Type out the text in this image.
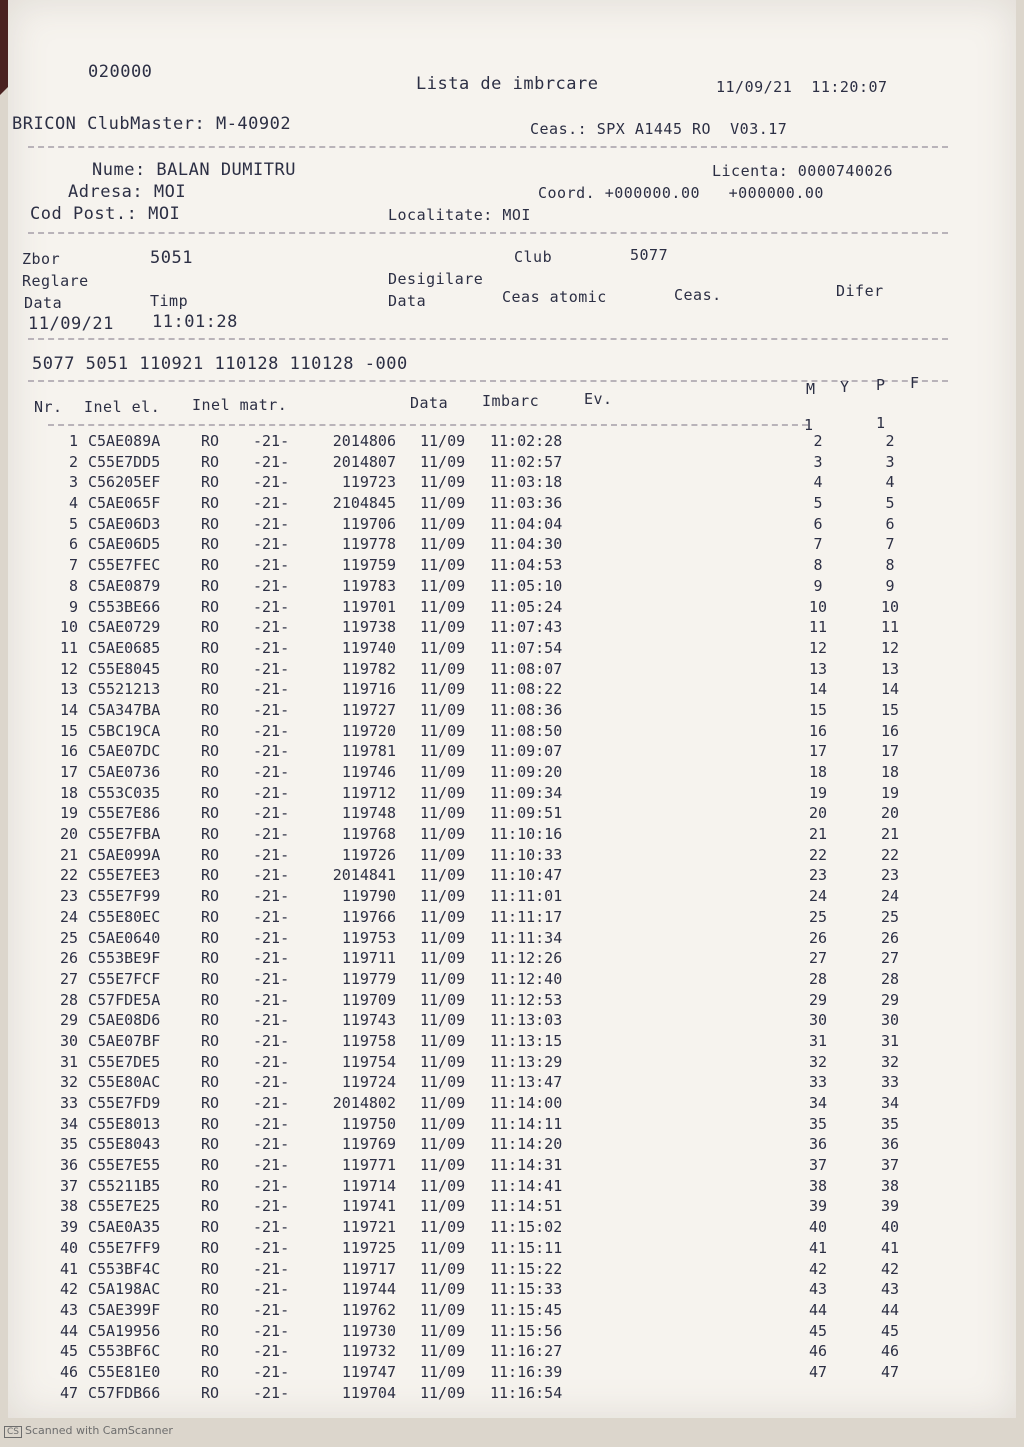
020000
Lista de imbrcare	11/09/21  11:20:07
BRICON ClubMaster: M-40902	Ceas.: SPX A1445 RO  V03.17
Nume: BALAN DUMITRU	Licenta: 0000740026
Adresa: MOI	Coord. +000000.00   +000000.00
Cod Post.: MOI	Localitate: MOI
Zbor	5051	Club	5077
Reglare	Desigilare
Data	Timp	Data	Ceas atomic	Ceas.	Difer
11/09/21 11:01:28
5077 5051 110921 110128 110128 -000
Nr. Inel el. Inel matr.	Data Imbarc	Ev.
M Y P F
1	1
1 C5AE089A	RO -21-	2014806 11/09 11:02:28	2	2
2 C55E7DD5	RO -21-	2014807 11/09 11:02:57	3	3
3 C56205EF	RO -21-	119723 11/09 11:03:18	4	4
4 C5AE065F	RO -21-	2104845 11/09 11:03:36	5	5
5 C5AE06D3	RO -21-	119706 11/09 11:04:04	6	6
6 C5AE06D5	RO -21-	119778 11/09 11:04:30	7	7
7 C55E7FEC	RO -21-	119759 11/09 11:04:53	8	8
8 C5AE0879	RO -21-	119783 11/09 11:05:10	9	9
9 C553BE66	RO -21-	119701 11/09 11:05:24	10	10
10 C5AE0729	RO -21-	119738 11/09 11:07:43	11	11
11 C5AE0685	RO -21-	119740 11/09 11:07:54	12	12
12 C55E8045	RO -21-	119782 11/09 11:08:07	13	13
13 C5521213	RO -21-	119716 11/09 11:08:22	14	14
14 C5A347BA	RO -21-	119727 11/09 11:08:36	15	15
15 C5BC19CA	RO -21-	119720 11/09 11:08:50	16	16
16 C5AE07DC	RO -21-	119781 11/09 11:09:07	17	17
17 C5AE0736	RO -21-	119746 11/09 11:09:20	18	18
18 C553C035	RO -21-	119712 11/09 11:09:34	19	19
19 C55E7E86	RO -21-	119748 11/09 11:09:51	20	20
20 C55E7FBA	RO -21-	119768 11/09 11:10:16	21	21
21 C5AE099A	RO -21-	119726 11/09 11:10:33	22	22
22 C55E7EE3	RO -21-	2014841 11/09 11:10:47	23	23
23 C55E7F99	RO -21-	119790 11/09 11:11:01	24	24
24 C55E80EC	RO -21-	119766 11/09 11:11:17	25	25
25 C5AE0640	RO -21-	119753 11/09 11:11:34	26	26
26 C553BE9F	RO -21-	119711 11/09 11:12:26	27	27
27 C55E7FCF	RO -21-	119779 11/09 11:12:40	28	28
28 C57FDE5A	RO -21-	119709 11/09 11:12:53	29	29
29 C5AE08D6	RO -21-	119743 11/09 11:13:03	30	30
30 C5AE07BF	RO -21-	119758 11/09 11:13:15	31	31
31 C55E7DE5	RO -21-	119754 11/09 11:13:29	32	32
32 C55E80AC	RO -21-	119724 11/09 11:13:47	33	33
33 C55E7FD9	RO -21-	2014802 11/09 11:14:00	34	34
34 C55E8013	RO -21-	119750 11/09 11:14:11	35	35
35 C55E8043	RO -21-	119769 11/09 11:14:20	36	36
36 C55E7E55	RO -21-	119771 11/09 11:14:31	37	37
37 C55211B5	RO -21-	119714 11/09 11:14:41	38	38
38 C55E7E25	RO -21-	119741 11/09 11:14:51	39	39
39 C5AE0A35	RO -21-	119721 11/09 11:15:02	40	40
40 C55E7FF9	RO -21-	119725 11/09 11:15:11	41	41
41 C553BF4C	RO -21-	119717 11/09 11:15:22	42	42
42 C5A198AC	RO -21-	119744 11/09 11:15:33	43	43
43 C5AE399F	RO -21-	119762 11/09 11:15:45	44	44
44 C5A19956	RO -21-	119730 11/09 11:15:56	45	45
45 C553BF6C	RO -21-	119732 11/09 11:16:27	46	46
46 C55E81E0	RO -21-	119747 11/09 11:16:39	47	47
47 C57FDB66	RO -21-	119704 11/09 11:16:54
CS Scanned with CamScanner
